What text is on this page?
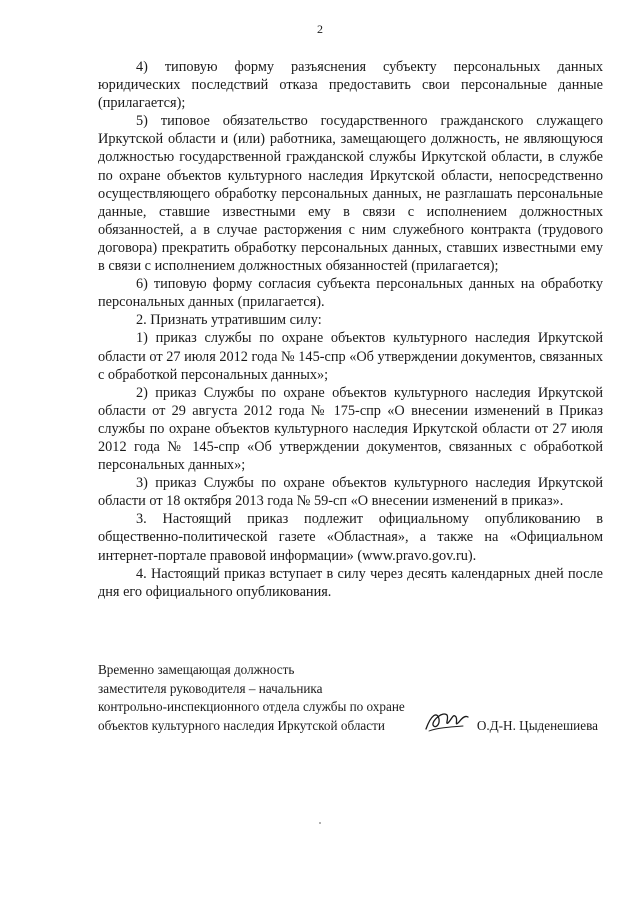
2

4) типовую форму разъяснения субъекту персональных данных юридических последствий отказа предоставить свои персональные данные (прилагается);

5) типовое обязательство государственного гражданского служащего Иркутской области и (или) работника, замещающего должность, не являющуюся должностью государственной гражданской службы Иркутской области, в службе по охране объектов культурного наследия Иркутской области, непосредственно осуществляющего обработку персональных данных, не разглашать персональные данные, ставшие известными ему в связи с исполнением должностных обязанностей, а в случае расторжения с ним служебного контракта (трудового договора) прекратить обработку персональных данных, ставших известными ему в связи с исполнением должностных обязанностей (прилагается);

6) типовую форму согласия субъекта персональных данных на обработку персональных данных (прилагается).

2. Признать утратившим силу:

1) приказ службы по охране объектов культурного наследия Иркутской области от 27 июля 2012 года № 145-спр «Об утверждении документов, связанных с обработкой персональных данных»;

2) приказ Службы по охране объектов культурного наследия Иркутской области от 29 августа 2012 года № 175-спр «О внесении изменений в Приказ службы по охране объектов культурного наследия Иркутской области от 27 июля 2012 года № 145-спр «Об утверждении документов, связанных с обработкой персональных данных»;

3) приказ Службы по охране объектов культурного наследия Иркутской области от 18 октября 2013 года № 59-сп «О внесении изменений в приказ».

3. Настоящий приказ подлежит официальному опубликованию в общественно-политической газете «Областная», а также на «Официальном интернет-портале правовой информации» (www.pravo.gov.ru).

4. Настоящий приказ вступает в силу через десять календарных дней после дня его официального опубликования.

Временно замещающая должность
заместителя руководителя – начальника
контрольно-инспекционного отдела службы по охране
объектов культурного наследия Иркутской области	О.Д-Н. Цыденешиева
